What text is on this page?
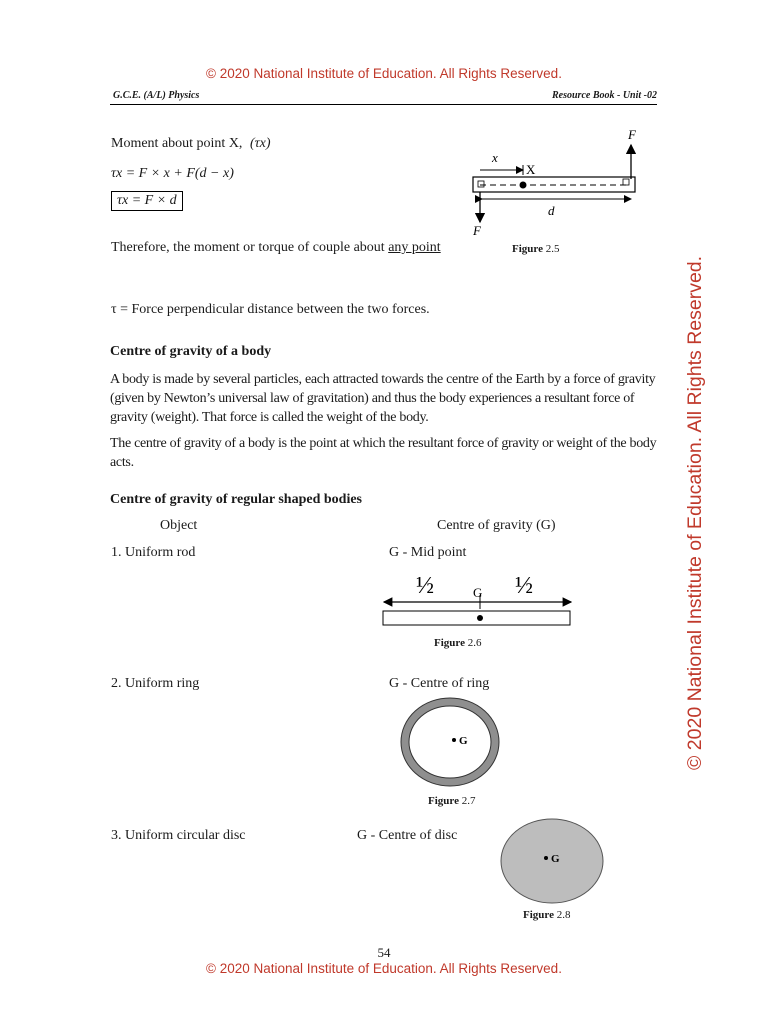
© 2020 National Institute of Education. All Rights Reserved.
G.C.E. (A/L) Physics	Resource Book - Unit -02
Moment about point X, (τx)
τx = F × x + F(d − x)
τx = F × d
Therefore, the moment or torque of couple about any point
τ = Force perpendicular distance between the two forces.
F
F
x
X
d
Figure 2.5
Centre of gravity of a body
A body is made by several particles, each attracted towards the centre of the Earth by a force of gravity (given by Newton’s universal law of gravitation) and thus the body experiences a resultant force of gravity (weight). That force is called the weight of the body.
The centre of gravity of a body is the point at which the resultant force of gravity or weight of the body acts.
Centre of gravity of regular shaped bodies
Object	Centre of gravity (G)
1. Uniform rod	G - Mid point
½	½
G
Figure 2.6
2. Uniform ring	G - Centre of ring
G
Figure 2.7
3. Uniform circular disc	G - Centre of disc
G
Figure 2.8
54
© 2020 National Institute of Education. All Rights Reserved.
© 2020 National Institute of Education. All Rights Reserved.
